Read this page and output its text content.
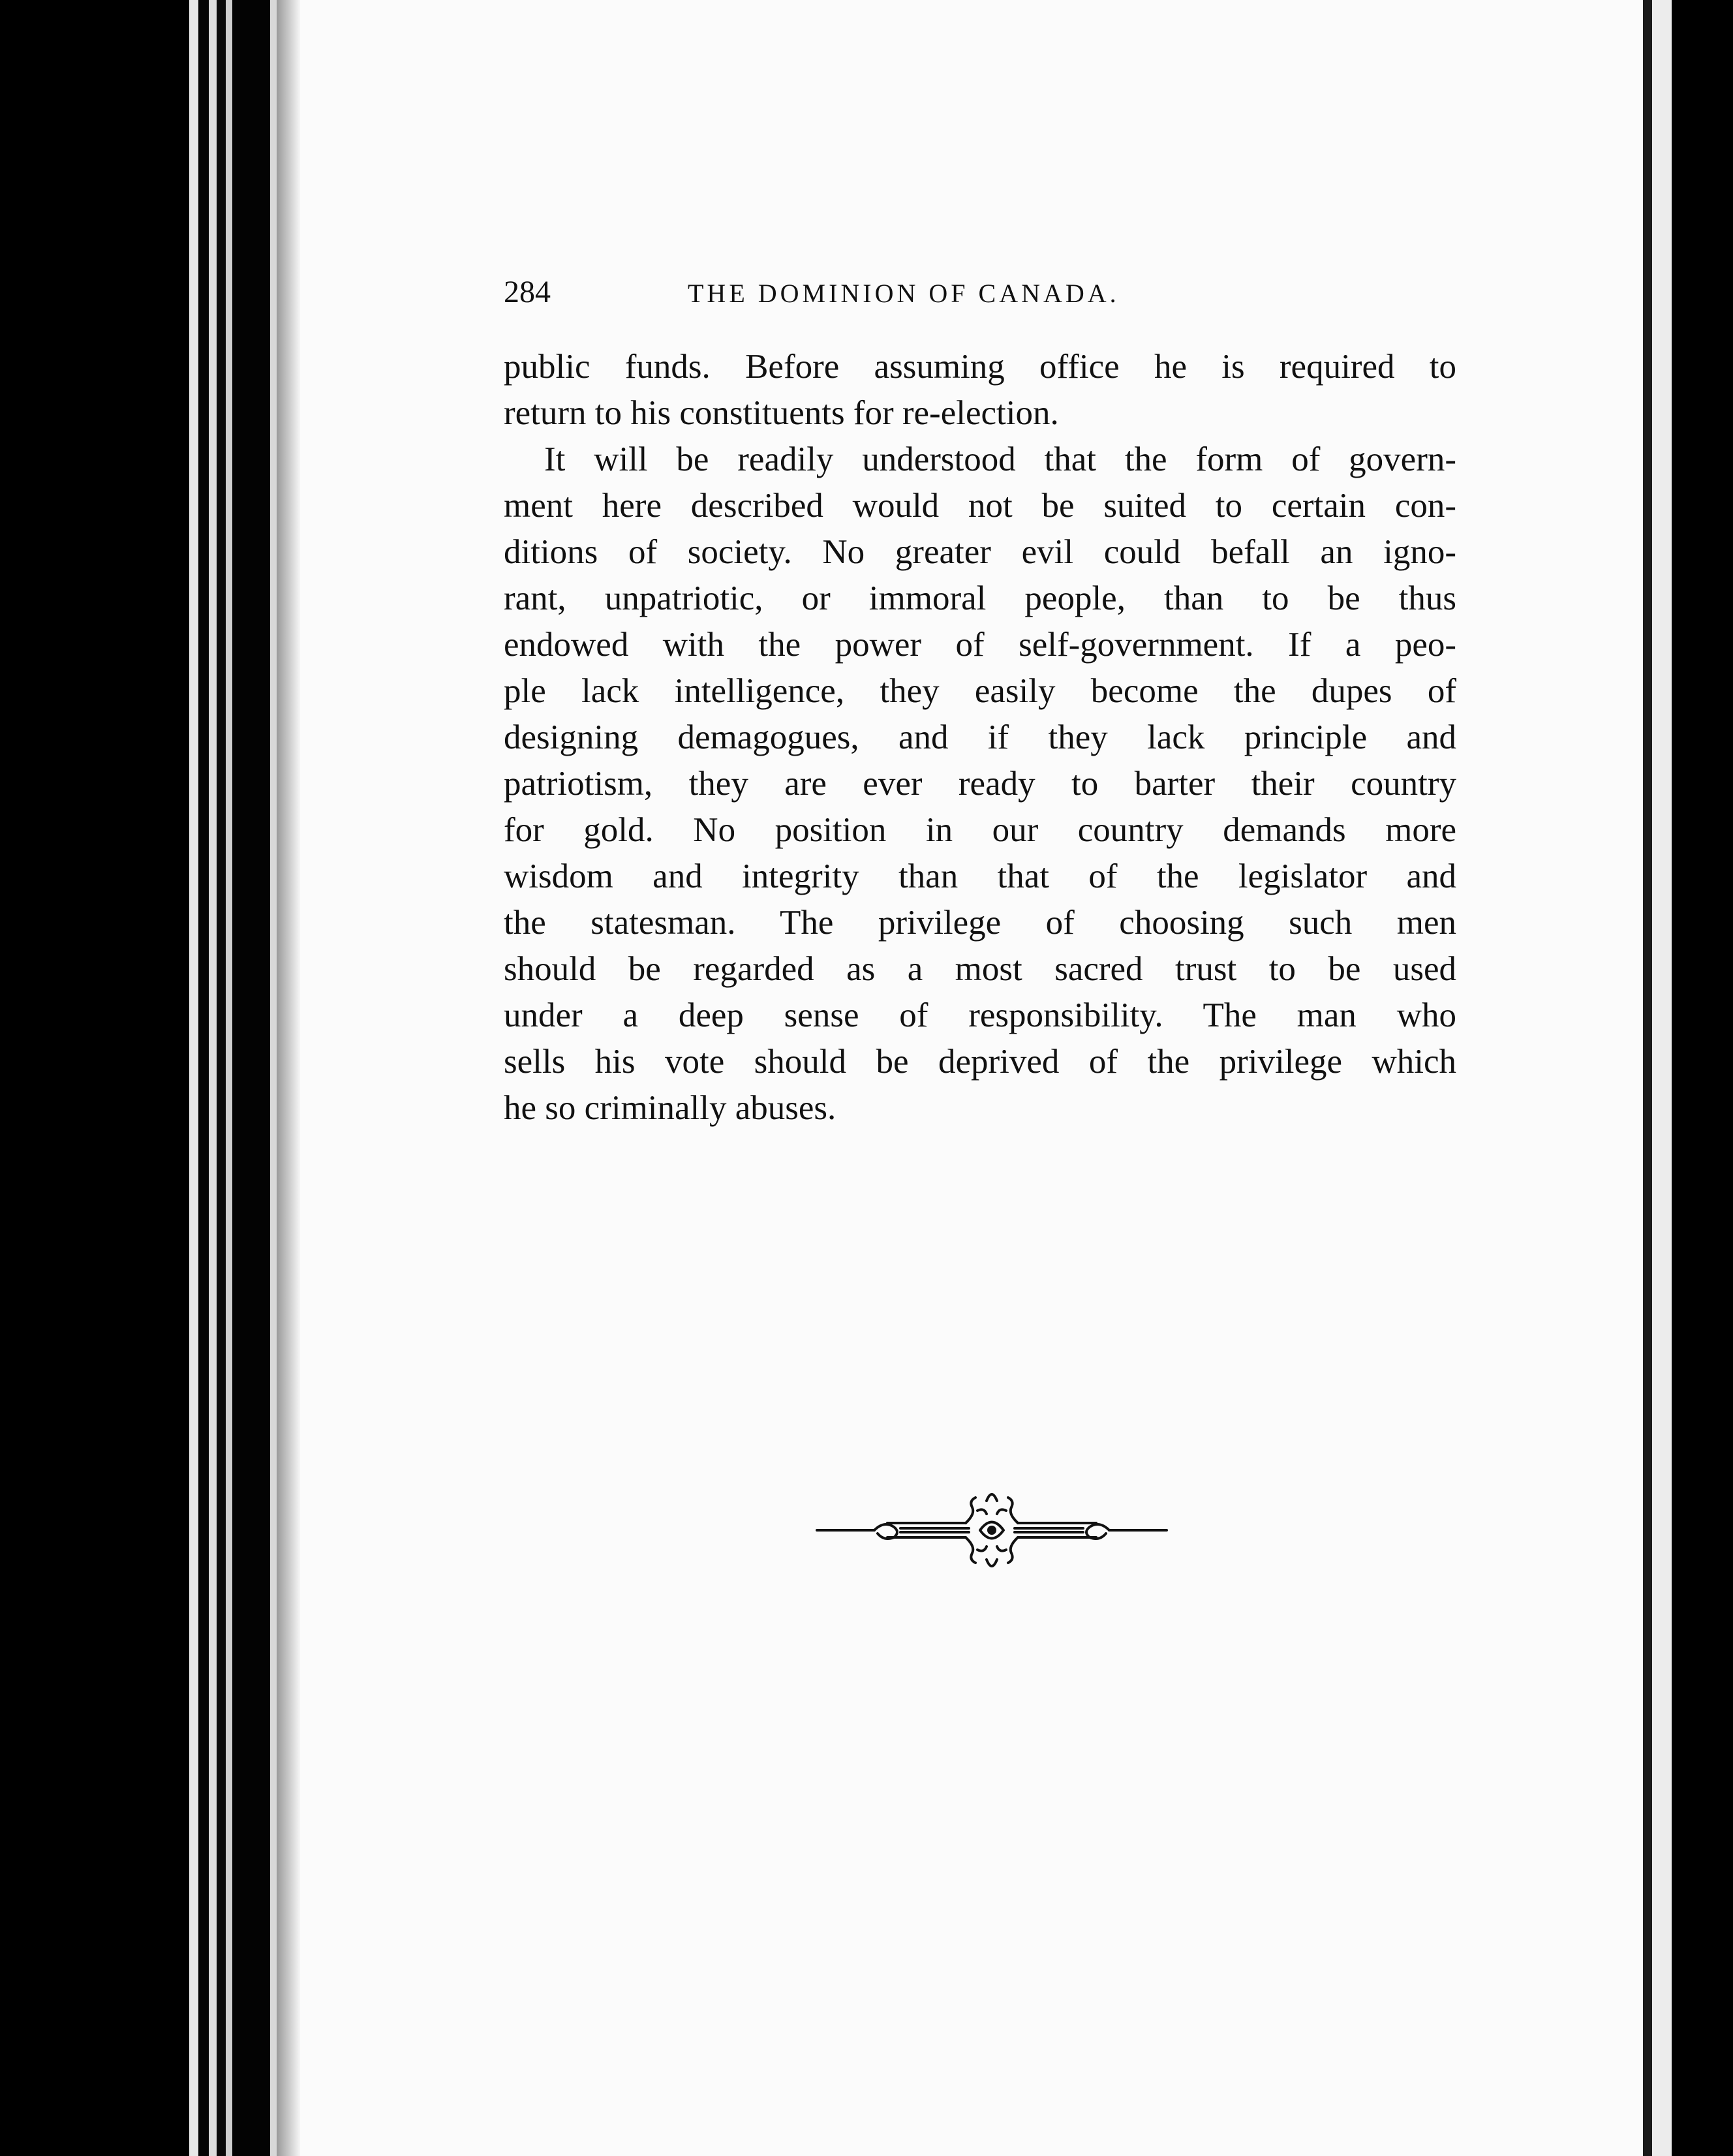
284	THE DOMINION OF CANADA.
public funds. Before assuming office he is required to
return to his constituents for re-election.
It will be readily understood that the form of govern-
ment here described would not be suited to certain con-
ditions of society. No greater evil could befall an igno-
rant, unpatriotic, or immoral people, than to be thus
endowed with the power of self-government. If a peo-
ple lack intelligence, they easily become the dupes of
designing demagogues, and if they lack principle and
patriotism, they are ever ready to barter their country
for gold. No position in our country demands more
wisdom and integrity than that of the legislator and
the statesman. The privilege of choosing such men
should be regarded as a most sacred trust to be used
under a deep sense of responsibility. The man who
sells his vote should be deprived of the privilege which
he so criminally abuses.
